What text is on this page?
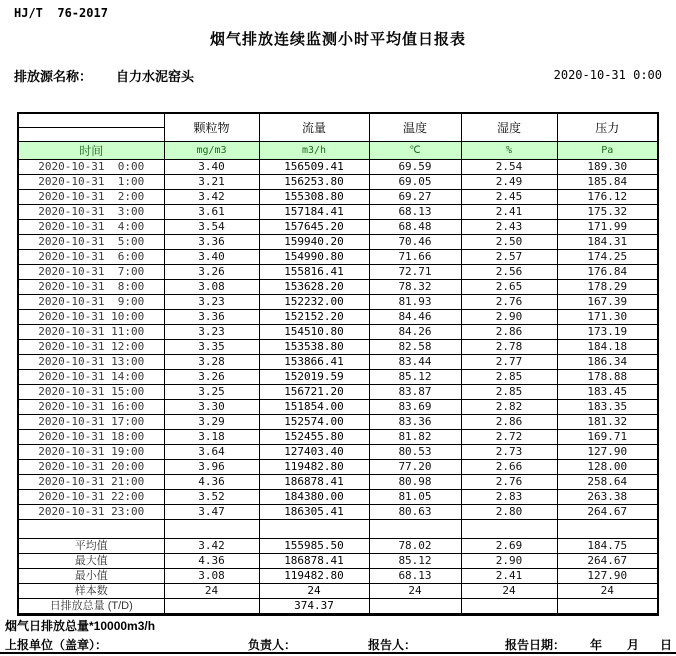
HJ/T  76-2017
烟气排放连续监测小时平均值日报表
排放源名称： 自力水泥窑头	2020-10-31 0:00
	颗粒物	流量	温度	湿度	压力

时间	mg/m3	m3/h	℃	%	Pa
2020-10-31  0:00	3.40	156509.41	69.59	2.54	189.30
2020-10-31  1:00	3.21	156253.80	69.05	2.49	185.84
2020-10-31  2:00	3.42	155308.80	69.27	2.45	176.12
2020-10-31  3:00	3.61	157184.41	68.13	2.41	175.32
2020-10-31  4:00	3.54	157645.20	68.48	2.43	171.99
2020-10-31  5:00	3.36	159940.20	70.46	2.50	184.31
2020-10-31  6:00	3.40	154990.80	71.66	2.57	174.25
2020-10-31  7:00	3.26	155816.41	72.71	2.56	176.84
2020-10-31  8:00	3.08	153628.20	78.32	2.65	178.29
2020-10-31  9:00	3.23	152232.00	81.93	2.76	167.39
2020-10-31 10:00	3.36	152152.20	84.46	2.90	171.30
2020-10-31 11:00	3.23	154510.80	84.26	2.86	173.19
2020-10-31 12:00	3.35	153538.80	82.58	2.78	184.18
2020-10-31 13:00	3.28	153866.41	83.44	2.77	186.34
2020-10-31 14:00	3.26	152019.59	85.12	2.85	178.88
2020-10-31 15:00	3.25	156721.20	83.87	2.85	183.45
2020-10-31 16:00	3.30	151854.00	83.69	2.82	183.35
2020-10-31 17:00	3.29	152574.00	83.36	2.86	181.32
2020-10-31 18:00	3.18	152455.80	81.82	2.72	169.71
2020-10-31 19:00	3.64	127403.40	80.53	2.73	127.90
2020-10-31 20:00	3.96	119482.80	77.20	2.66	128.00
2020-10-31 21:00	4.36	186878.41	80.98	2.76	258.64
2020-10-31 22:00	3.52	184380.00	81.05	2.83	263.38
2020-10-31 23:00	3.47	186305.41	80.63	2.80	264.67

平均值	3.42	155985.50	78.02	2.69	184.75
最大值	4.36	186878.41	85.12	2.90	264.67
最小值	3.08	119482.80	68.13	2.41	127.90
样本数	24	24	24	24	24
日排放总量 (T/D)		374.37			
烟气日排放总量*10000m3/h
上报单位（盖章）：	负责人：	报告人：	报告日期： 年 月 日
